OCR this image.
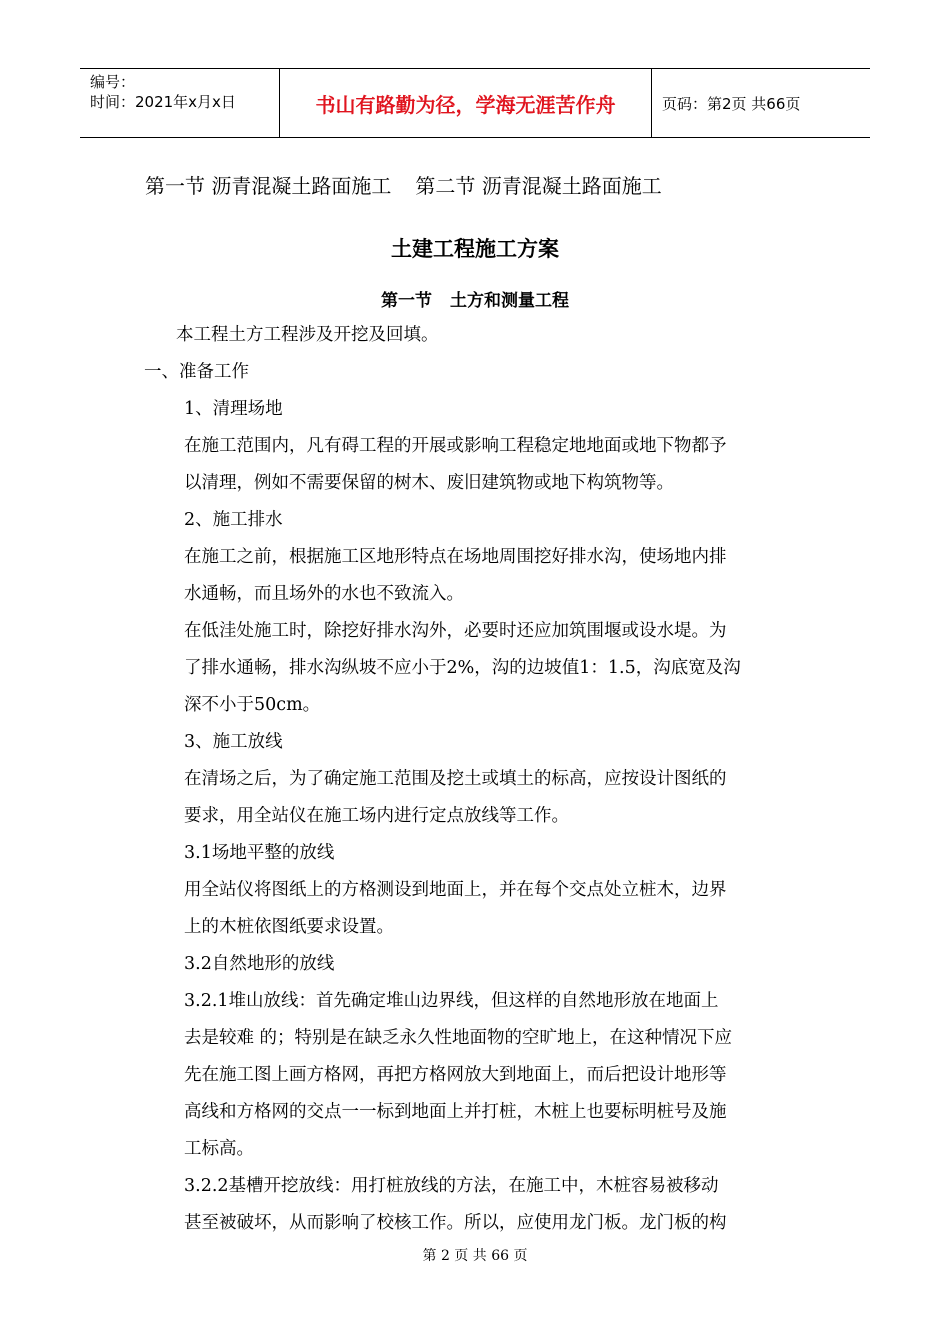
编号：
时间：2021年x月x日	书山有路勤为径，学海无涯苦作舟	页码：第2页 共66页
第一节 沥青混凝土路面施工 第二节 沥青混凝土路面施工
土建工程施工方案
第一节 土方和测量工程

本工程土方工程涉及开挖及回填。

一、准备工作

1、清理场地

在施工范围内，凡有碍工程的开展或影响工程稳定地地面或地下物都予

以清理，例如不需要保留的树木、废旧建筑物或地下构筑物等。

2、施工排水

在施工之前，根据施工区地形特点在场地周围挖好排水沟，使场地内排

水通畅，而且场外的水也不致流入。

在低洼处施工时，除挖好排水沟外，必要时还应加筑围堰或设水堤。为

了排水通畅，排水沟纵坡不应小于2%，沟的边坡值1：1.5，沟底宽及沟

深不小于50cm。

3、施工放线

在清场之后，为了确定施工范围及挖土或填土的标高，应按设计图纸的

要求，用全站仪在施工场内进行定点放线等工作。

3.1场地平整的放线

用全站仪将图纸上的方格测设到地面上，并在每个交点处立桩木，边界

上的木桩依图纸要求设置。

3.2自然地形的放线

3.2.1堆山放线：首先确定堆山边界线，但这样的自然地形放在地面上

去是较难 的；特别是在缺乏永久性地面物的空旷地上，在这种情况下应

先在施工图上画方格网，再把方格网放大到地面上，而后把设计地形等

高线和方格网的交点一一标到地面上并打桩，木桩上也要标明桩号及施

工标高。

3.2.2基槽开挖放线：用打桩放线的方法，在施工中，木桩容易被移动

甚至被破坏，从而影响了校核工作。所以，应使用龙门板。龙门板的构

第 2 页 共 66 页
